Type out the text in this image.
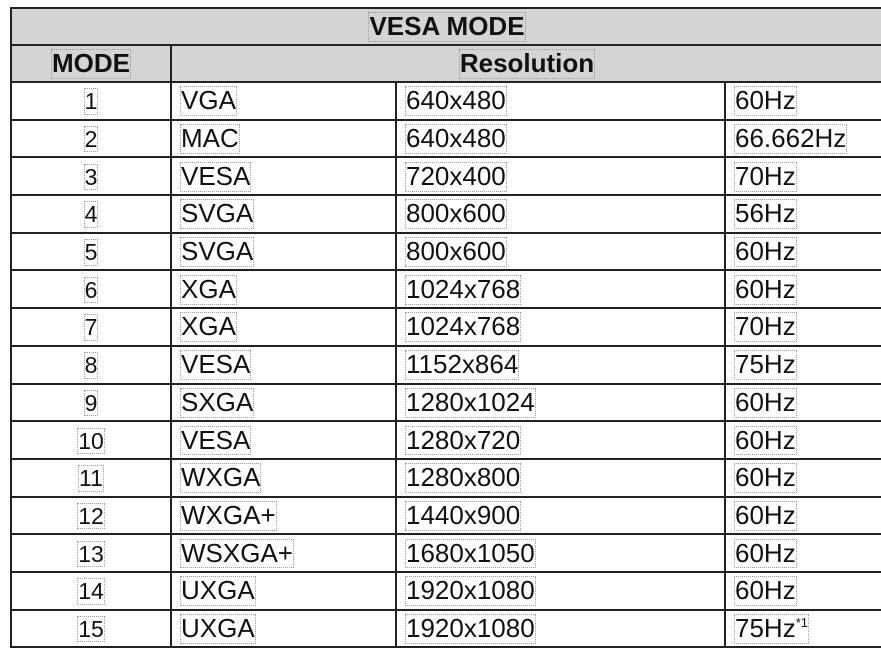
VESA MODE			
MODE	Resolution		
1	VGA	640x480	60Hz
2	MAC	640x480	66.662Hz
3	VESA	720x400	70Hz
4	SVGA	800x600	56Hz
5	SVGA	800x600	60Hz
6	XGA	1024x768	60Hz
7	XGA	1024x768	70Hz
8	VESA	1152x864	75Hz
9	SXGA	1280x1024	60Hz
10	VESA	1280x720	60Hz
11	WXGA	1280x800	60Hz
12	WXGA+	1440x900	60Hz
13	WSXGA+	1680x1050	60Hz
14	UXGA	1920x1080	60Hz
15	UXGA	1920x1080	75Hz$^{*1}$
